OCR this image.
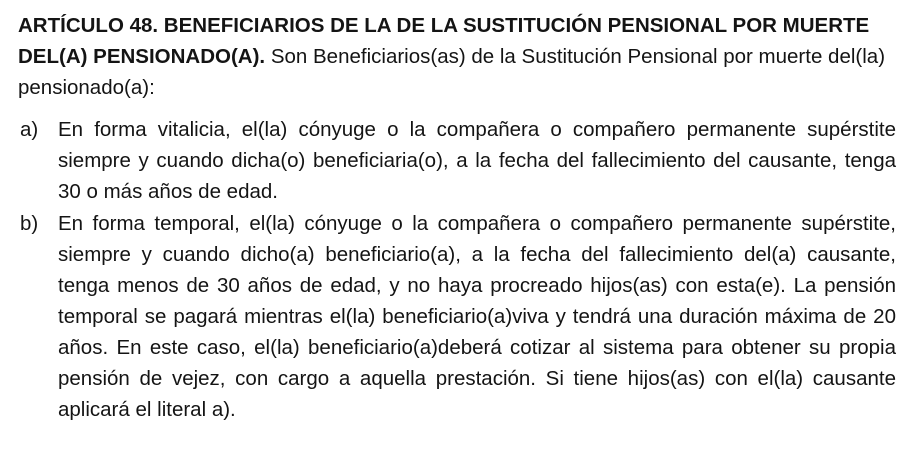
ARTÍCULO 48. BENEFICIARIOS DE LA DE LA SUSTITUCIÓN PENSIONAL POR MUERTE DEL(A) PENSIONADO(A). Son Beneficiarios(as) de la Sustitución Pensional por muerte del(la) pensionado(a):

a) En forma vitalicia, el(la) cónyuge o la compañera o compañero permanente supérstite siempre y cuando dicha(o) beneficiaria(o), a la fecha del fallecimiento del causante, tenga 30 o más años de edad.
b) En forma temporal, el(la) cónyuge o la compañera o compañero permanente supérstite, siempre y cuando dicho(a) beneficiario(a), a la fecha del fallecimiento del(a) causante, tenga menos de 30 años de edad, y no haya procreado hijos(as) con esta(e). La pensión temporal se pagará mientras el(la) beneficiario(a)viva y tendrá una duración máxima de 20 años. En este caso, el(la) beneficiario(a)deberá cotizar al sistema para obtener su propia pensión de vejez, con cargo a aquella prestación. Si tiene hijos(as) con el(la) causante aplicará el literal a).
